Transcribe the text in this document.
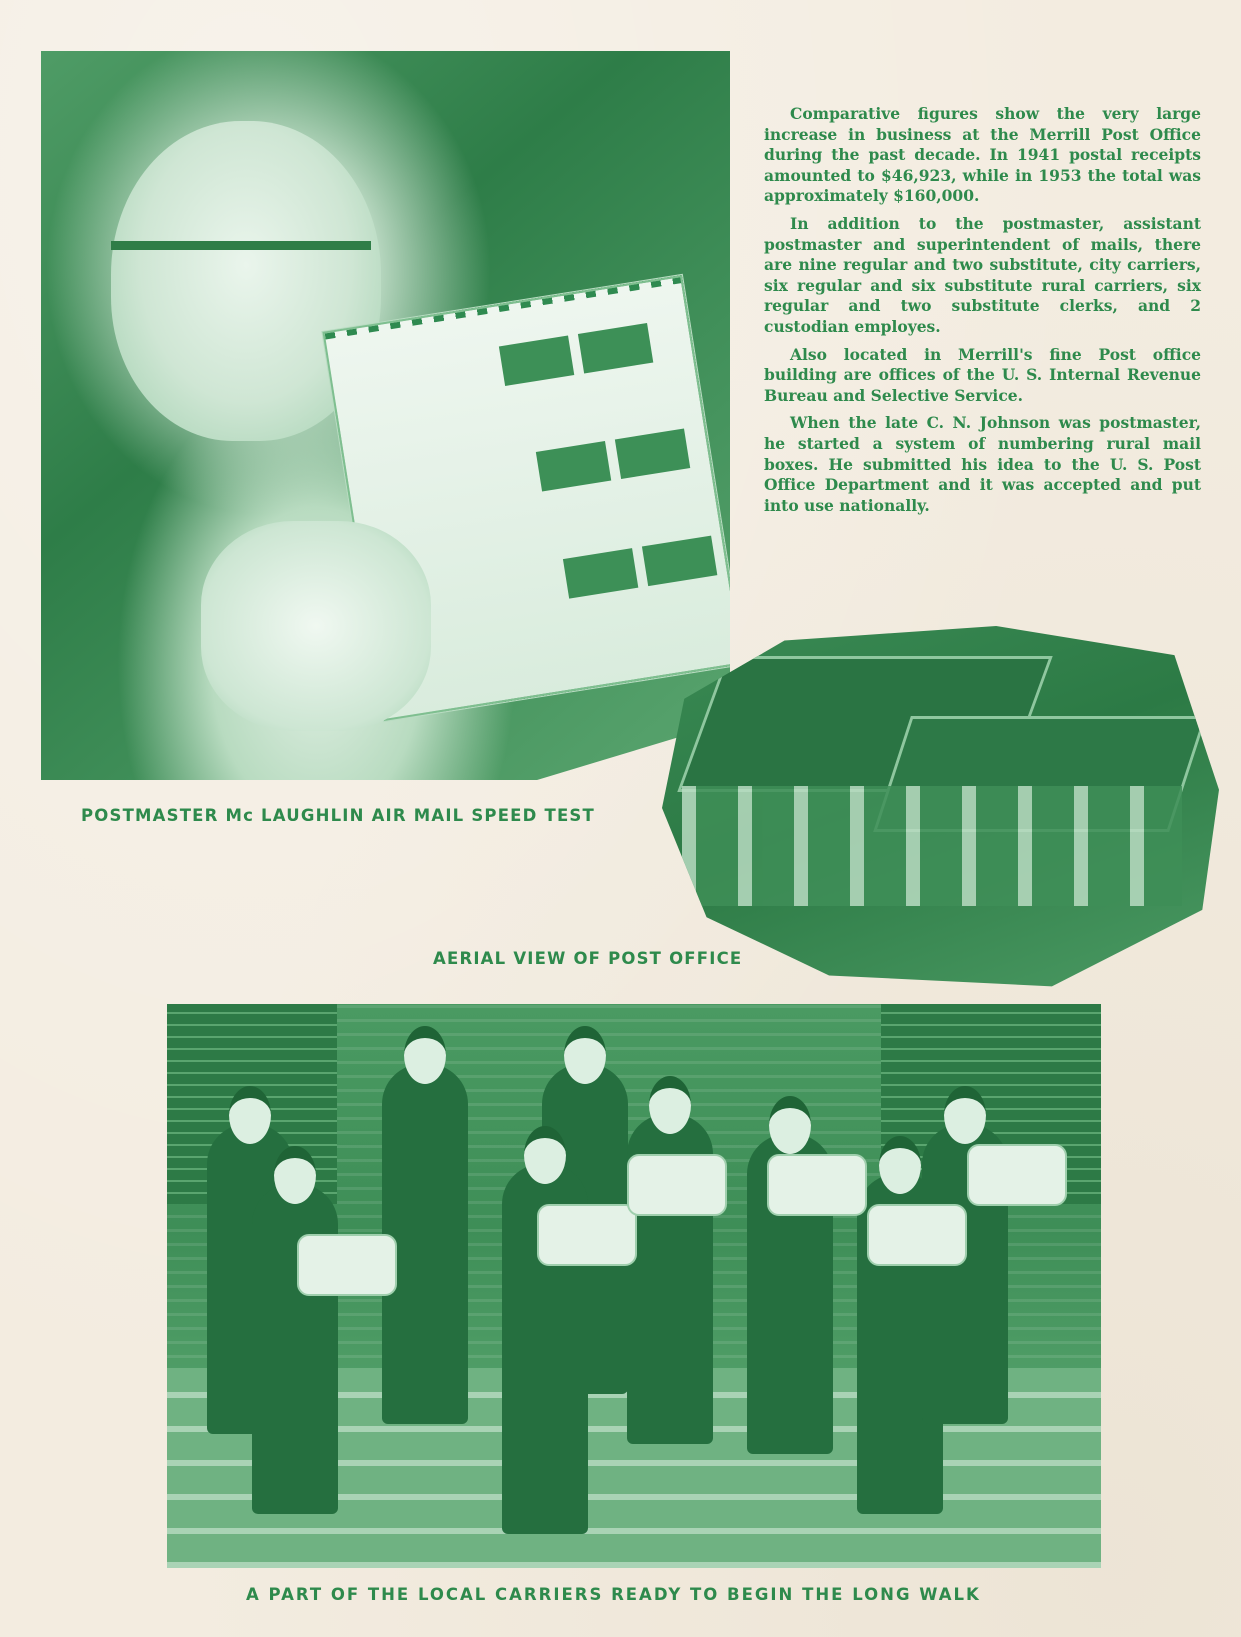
Comparative figures show the very large increase in business at the Merrill Post Office during the past decade. In 1941 postal receipts amounted to $46,923, while in 1953 the total was approximately $160,000.

In addition to the postmaster, assistant postmaster and superintendent of mails, there are nine regular and two substitute, city carriers, six regular and six substitute rural carriers, six regular and two substitute clerks, and 2 custodian employes.

Also located in Merrill's fine Post office building are offices of the U. S. Internal Revenue Bureau and Selective Service.

When the late C. N. Johnson was postmaster, he started a system of numbering rural mail boxes. He submitted his idea to the U. S. Post Office Department and it was accepted and put into use nationally.

POSTMASTER Mc LAUGHLIN AIR MAIL SPEED TEST
AERIAL VIEW OF POST OFFICE
A PART OF THE LOCAL CARRIERS READY TO BEGIN THE LONG WALK
